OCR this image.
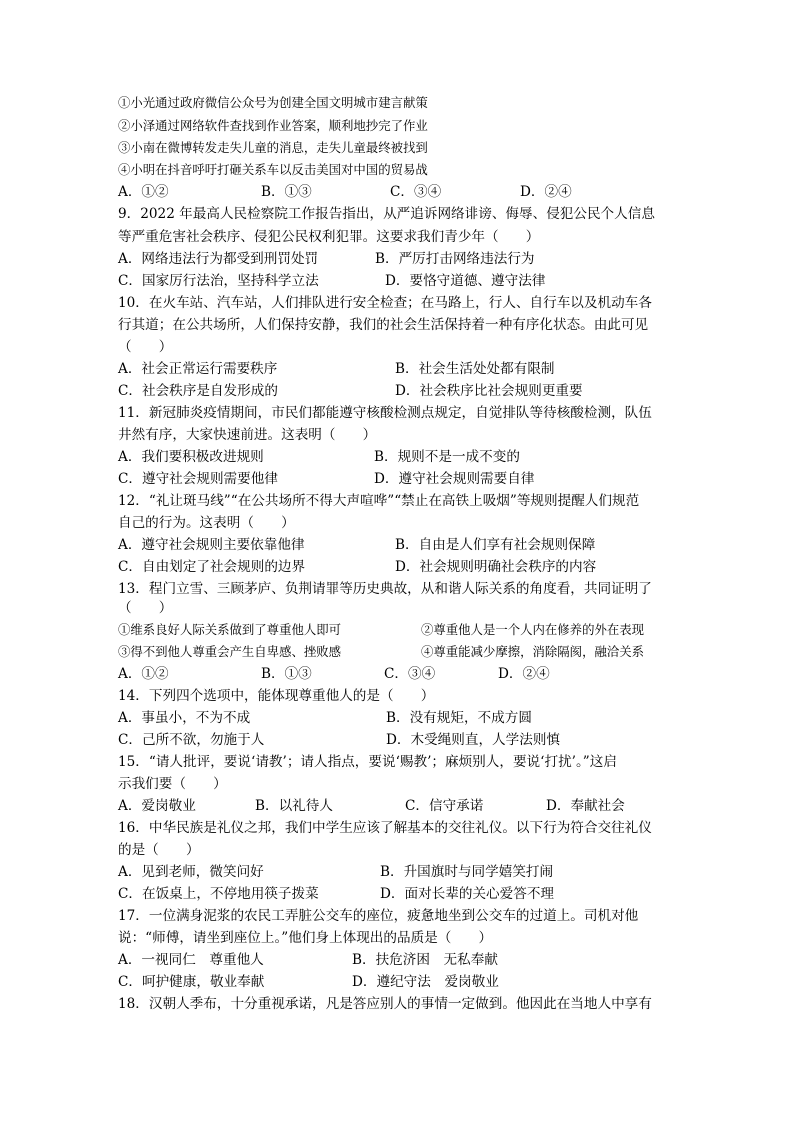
①小光通过政府微信公众号为创建全国文明城市建言献策
②小泽通过网络软件查找到作业答案，顺利地抄完了作业
③小南在微博转发走失儿童的消息，走失儿童最终被找到
④小明在抖音呼吁打砸关系车以反击美国对中国的贸易战
A．①②	B．①③	C．③④	D．②④
9．2022 年最高人民检察院工作报告指出，从严追诉网络诽谤、侮辱、侵犯公民个人信息
等严重危害社会秩序、侵犯公民权利犯罪。这要求我们青少年（　　）
A．网络违法行为都受到刑罚处罚	B．严厉打击网络违法行为
C．国家厉行法治，坚持科学立法	D．要恪守道德、遵守法律
10．在火车站、汽车站，人们排队进行安全检查；在马路上，行人、自行车以及机动车各
行其道；在公共场所，人们保持安静，我们的社会生活保持着一种有序化状态。由此可见
（　　）
A．社会正常运行需要秩序	B．社会生活处处都有限制
C．社会秩序是自发形成的	D．社会秩序比社会规则更重要
11．新冠肺炎疫情期间，市民们都能遵守核酸检测点规定，自觉排队等待核酸检测，队伍
井然有序，大家快速前进。这表明（　　）
A．我们要积极改进规则	B．规则不是一成不变的
C．遵守社会规则需要他律	D．遵守社会规则需要自律
12．“礼让斑马线”“在公共场所不得大声喧哗”“禁止在高铁上吸烟”等规则提醒人们规范
自己的行为。这表明（　　）
A．遵守社会规则主要依靠他律	B．自由是人们享有社会规则保障
C．自由划定了社会规则的边界	D．社会规则明确社会秩序的内容
13．程门立雪、三顾茅庐、负荆请罪等历史典故，从和谐人际关系的角度看，共同证明了
（　　）
①维系良好人际关系做到了尊重他人即可	②尊重他人是一个人内在修养的外在表现
③得不到他人尊重会产生自卑感、挫败感	④尊重能减少摩擦，消除隔阂，融洽关系
A．①②	B．①③	C．③④	D．②④
14．下列四个选项中，能体现尊重他人的是（　　）
A．事虽小，不为不成	B．没有规矩，不成方圆
C．己所不欲，勿施于人	D．木受绳则直，人学法则慎
15．“请人批评，要说‘请教’；请人指点，要说‘赐教’；麻烦别人，要说‘打扰’。”这启
示我们要（　　）
A．爱岗敬业	B．以礼待人	C．信守承诺	D．奉献社会
16．中华民族是礼仪之邦，我们中学生应该了解基本的交往礼仪。以下行为符合交往礼仪
的是（　　）
A．见到老师，微笑问好	B．升国旗时与同学嬉笑打闹
C．在饭桌上，不停地用筷子拨菜	D．面对长辈的关心爱答不理
17．一位满身泥浆的农民工弄脏公交车的座位，疲惫地坐到公交车的过道上。司机对他
说：“师傅，请坐到座位上。”他们身上体现出的品质是（　　）
A．一视同仁　尊重他人	B．扶危济困　无私奉献
C．呵护健康，敬业奉献	D．遵纪守法　爱岗敬业
18．汉朝人季布，十分重视承诺，凡是答应别人的事情一定做到。他因此在当地人中享有
